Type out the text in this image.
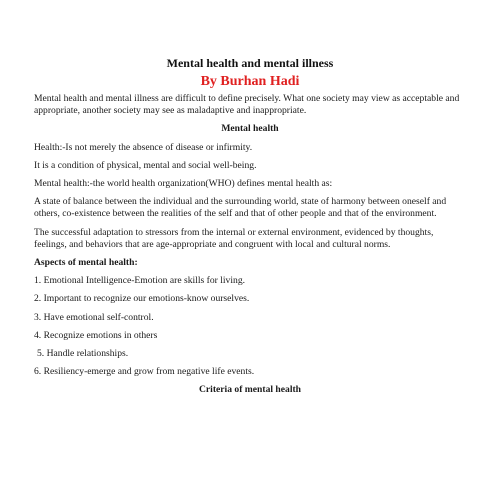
Mental health and mental illness
By Burhan Hadi
Mental health and mental illness are difficult to define precisely. What one society may view as acceptable and appropriate, another society may see as maladaptive and inappropriate.
Mental health
Health:-Is not merely the absence of disease or infirmity.
It is a condition of physical, mental and social well-being.
Mental health:-the world health organization(WHO) defines mental health as:
A state of balance between the individual and the surrounding world, state of harmony between oneself and others, co-existence between the realities of the self and that of other people and that of the environment.
The successful adaptation to stressors from the internal or external environment, evidenced by thoughts, feelings, and behaviors that are age-appropriate and congruent with local and cultural norms.
Aspects of mental health:
1. Emotional Intelligence-Emotion are skills for living.
2. Important to recognize our emotions-know ourselves.
3. Have emotional self-control.
4. Recognize emotions in others
5. Handle relationships.
6. Resiliency-emerge and grow from negative life events.
Criteria of mental health
